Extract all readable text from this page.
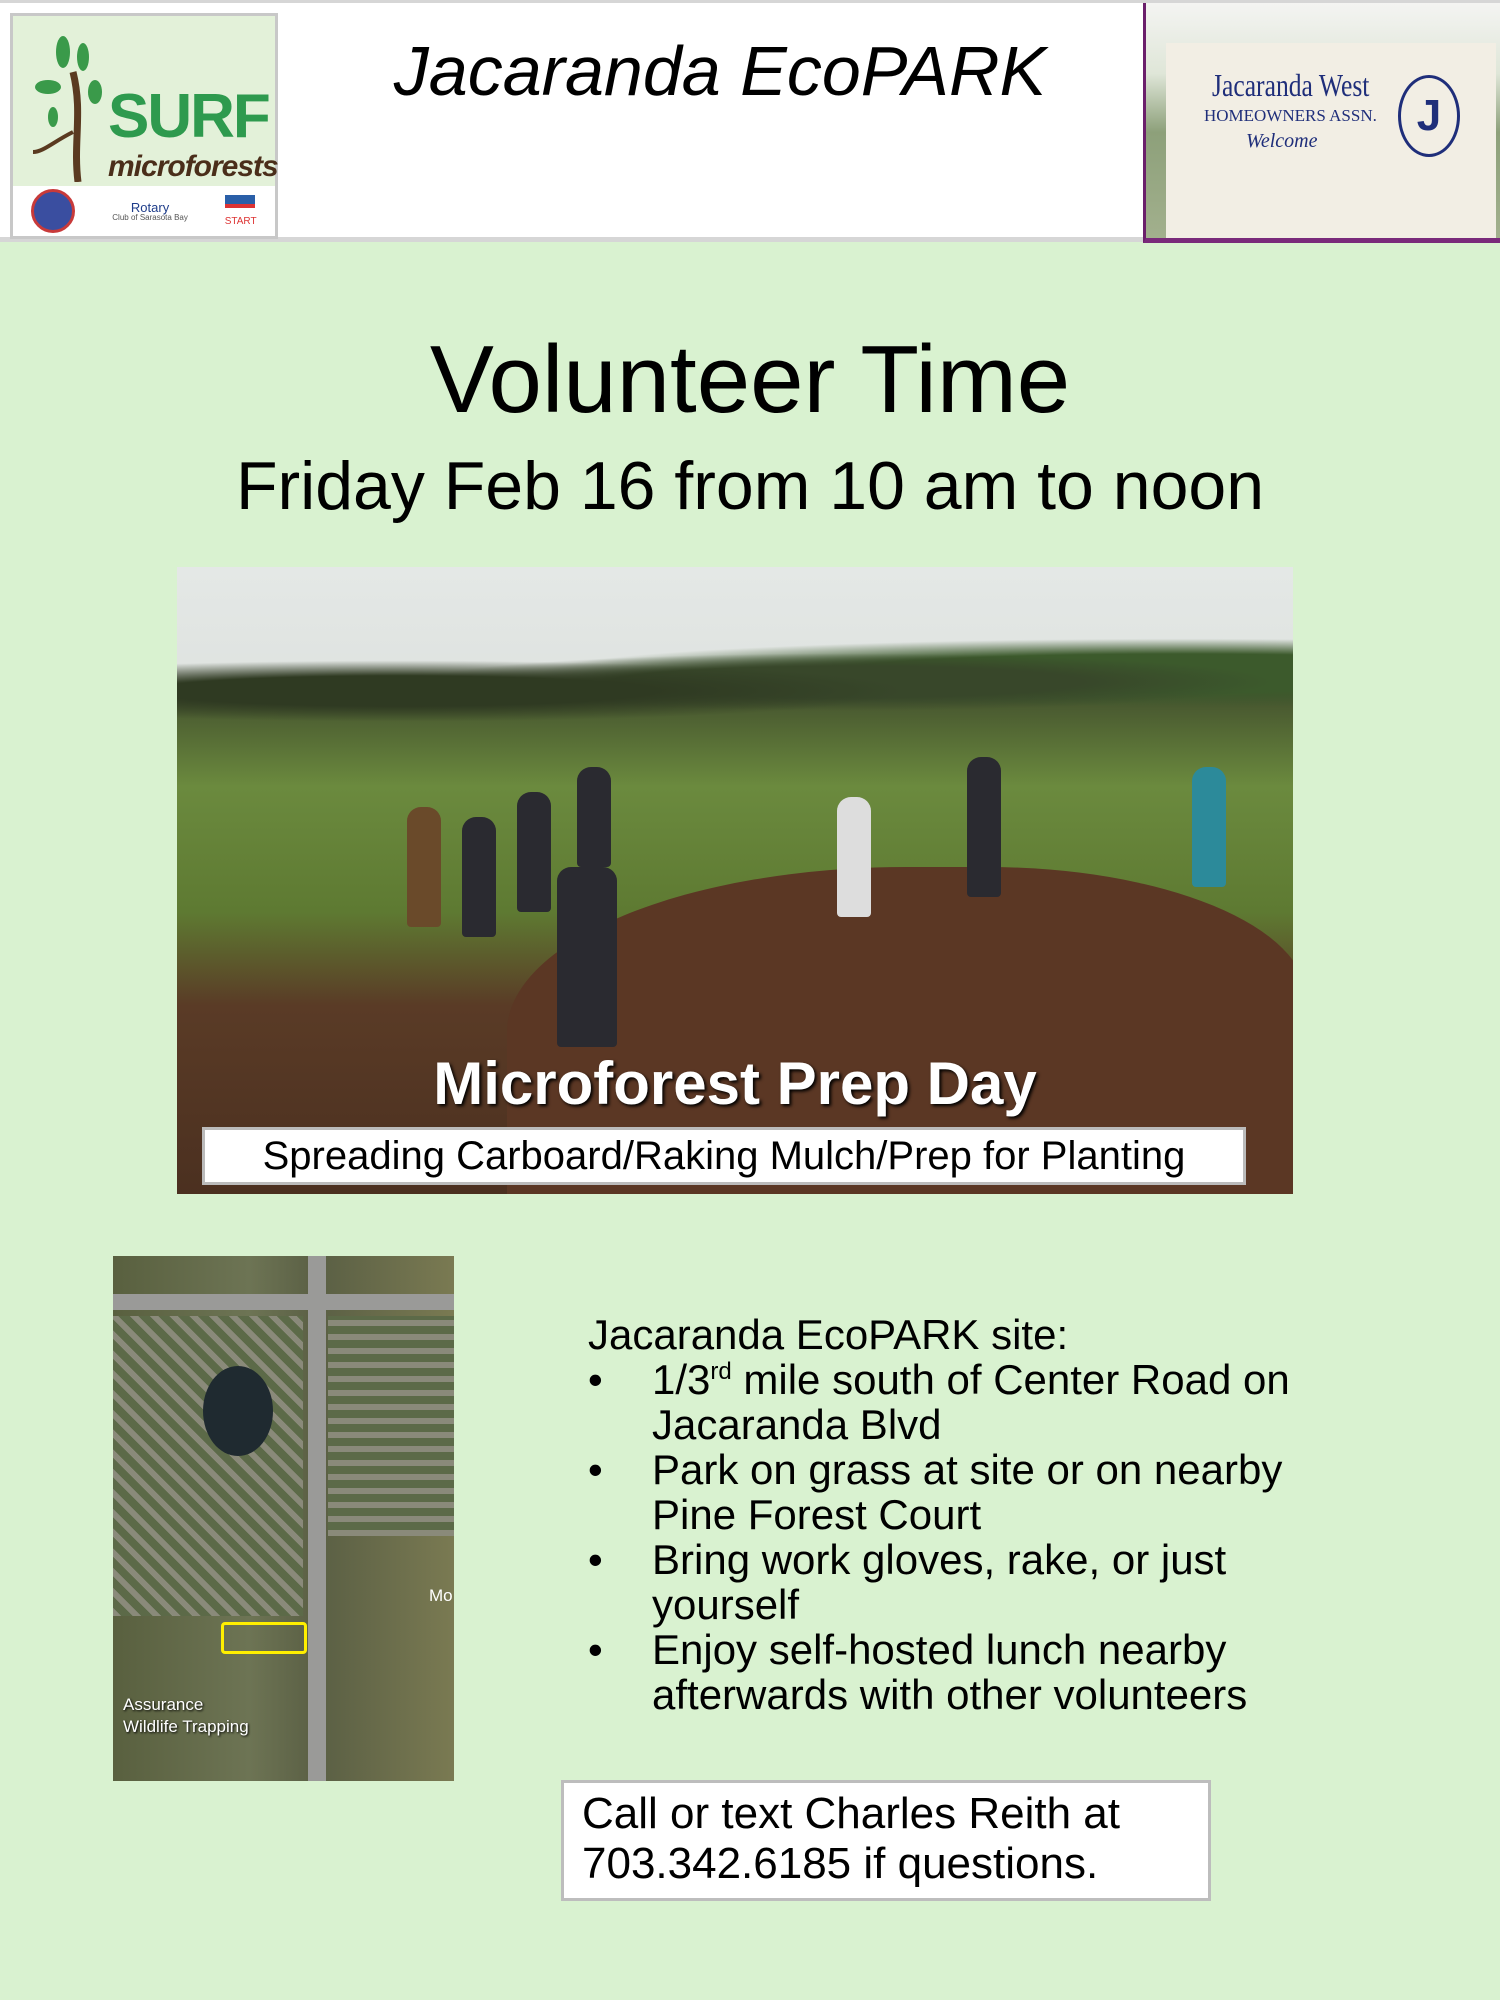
SURF
microforests
Rotary
Club of Sarasota Bay	START
Jacaranda EcoPARK	Jacaranda West
HOMEOWNERS ASSN.
Welcome
J
Volunteer Time
Friday Feb 16 from 10 am to noon
Microforest Prep Day
Spreading Carboard/Raking Mulch/Prep for Planting
Mo
Assurance
Wildlife Trapping
Jacaranda EcoPARK site:
• 1/3rd mile south of Center Road on Jacaranda Blvd
• Park on grass at site or on nearby Pine Forest Court
• Bring work gloves, rake, or just yourself
• Enjoy self-hosted lunch nearby afterwards with other volunteers
Call or text Charles Reith at
703.342.6185 if questions.
